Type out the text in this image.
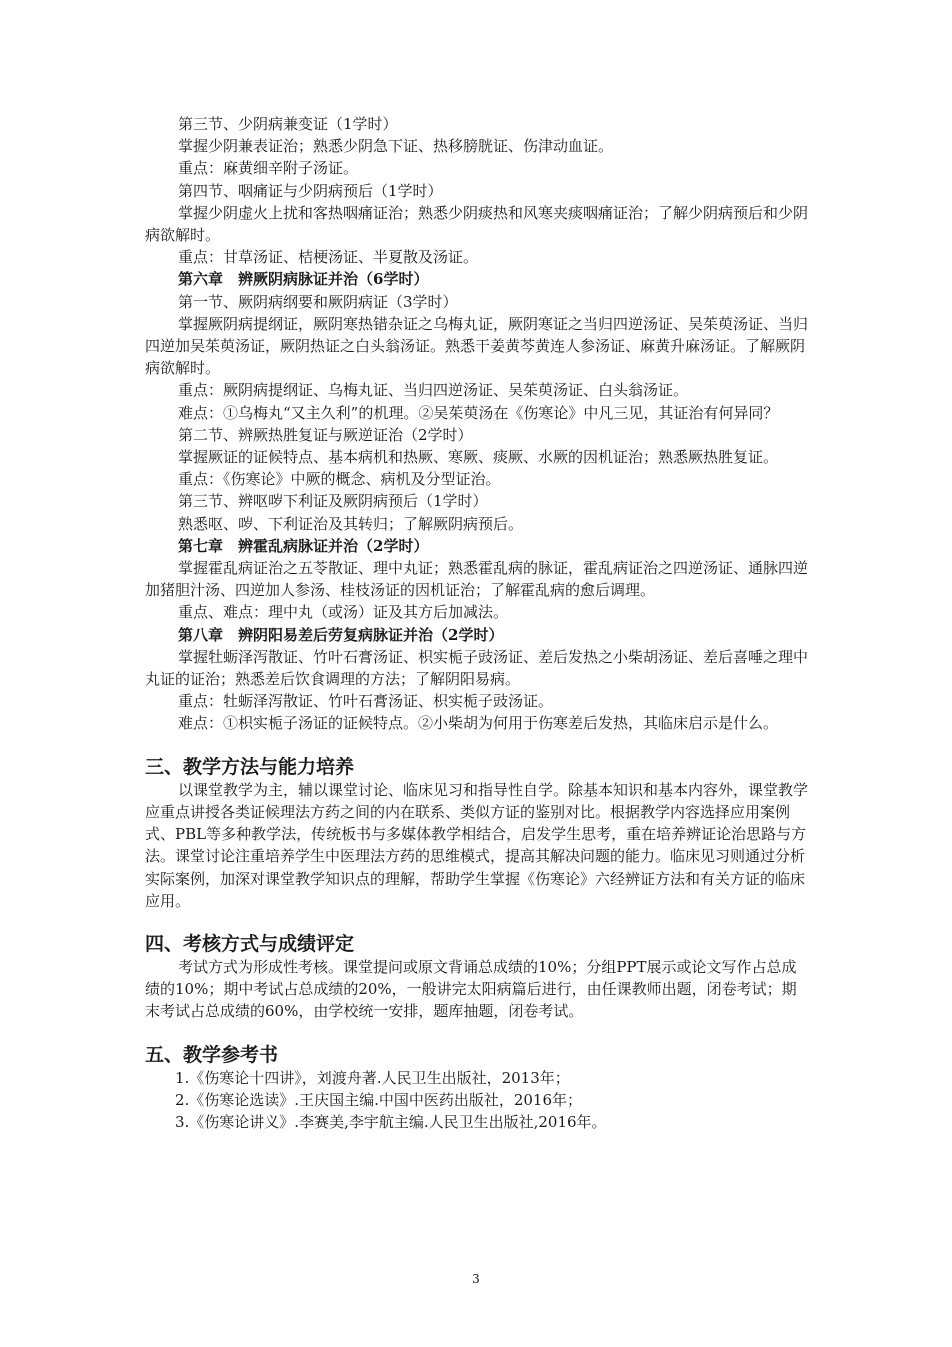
第三节、少阴病兼变证（1学时）
掌握少阴兼表证治；熟悉少阴急下证、热移膀胱证、伤津动血证。
重点：麻黄细辛附子汤证。
第四节、咽痛证与少阴病预后（1学时）
掌握少阴虚火上扰和客热咽痛证治；熟悉少阴痰热和风寒夹痰咽痛证治；了解少阴病预后和少阴病欲解时。
重点：甘草汤证、桔梗汤证、半夏散及汤证。
第六章　辨厥阴病脉证并治（6学时）
第一节、厥阴病纲要和厥阴病证（3学时）
掌握厥阴病提纲证，厥阴寒热错杂证之乌梅丸证，厥阴寒证之当归四逆汤证、吴茱萸汤证、当归四逆加吴茱萸汤证，厥阴热证之白头翁汤证。熟悉干姜黄芩黄连人参汤证、麻黄升麻汤证。了解厥阴病欲解时。
重点：厥阴病提纲证、乌梅丸证、当归四逆汤证、吴茱萸汤证、白头翁汤证。
难点：①乌梅丸“又主久利”的机理。②吴茱萸汤在《伤寒论》中凡三见，其证治有何异同？
第二节、辨厥热胜复证与厥逆证治（2学时）
掌握厥证的证候特点、基本病机和热厥、寒厥、痰厥、水厥的因机证治；熟悉厥热胜复证。
重点：《伤寒论》中厥的概念、病机及分型证治。
第三节、辨呕哕下利证及厥阴病预后（1学时）
熟悉呕、哕、下利证治及其转归；了解厥阴病预后。
第七章　辨霍乱病脉证并治（2学时）
掌握霍乱病证治之五苓散证、理中丸证；熟悉霍乱病的脉证，霍乱病证治之四逆汤证、通脉四逆加猪胆汁汤、四逆加人参汤、桂枝汤证的因机证治；了解霍乱病的愈后调理。
重点、难点：理中丸（或汤）证及其方后加减法。
第八章　辨阴阳易差后劳复病脉证并治（2学时）
掌握牡蛎泽泻散证、竹叶石膏汤证、枳实栀子豉汤证、差后发热之小柴胡汤证、差后喜唾之理中丸证的证治；熟悉差后饮食调理的方法；了解阴阳易病。
重点：牡蛎泽泻散证、竹叶石膏汤证、枳实栀子豉汤证。
难点：①枳实栀子汤证的证候特点。②小柴胡为何用于伤寒差后发热，其临床启示是什么。
三、教学方法与能力培养
以课堂教学为主，辅以课堂讨论、临床见习和指导性自学。除基本知识和基本内容外，课堂教学应重点讲授各类证候理法方药之间的内在联系、类似方证的鉴别对比。根据教学内容选择应用案例式、PBL等多种教学法，传统板书与多媒体教学相结合，启发学生思考，重在培养辨证论治思路与方法。课堂讨论注重培养学生中医理法方药的思维模式，提高其解决问题的能力。临床见习则通过分析实际案例，加深对课堂教学知识点的理解，帮助学生掌握《伤寒论》六经辨证方法和有关方证的临床应用。
四、考核方式与成绩评定
考试方式为形成性考核。课堂提问或原文背诵总成绩的10%；分组PPT展示或论文写作占总成绩的10%；期中考试占总成绩的20%，一般讲完太阳病篇后进行，由任课教师出题，闭卷考试；期末考试占总成绩的60%，由学校统一安排，题库抽题，闭卷考试。
五、教学参考书
1.《伤寒论十四讲》，刘渡舟著.人民卫生出版社，2013年；
2.《伤寒论选读》.王庆国主编.中国中医药出版社，2016年；
3.《伤寒论讲义》.李赛美,李宇航主编.人民卫生出版社,2016年。
3
